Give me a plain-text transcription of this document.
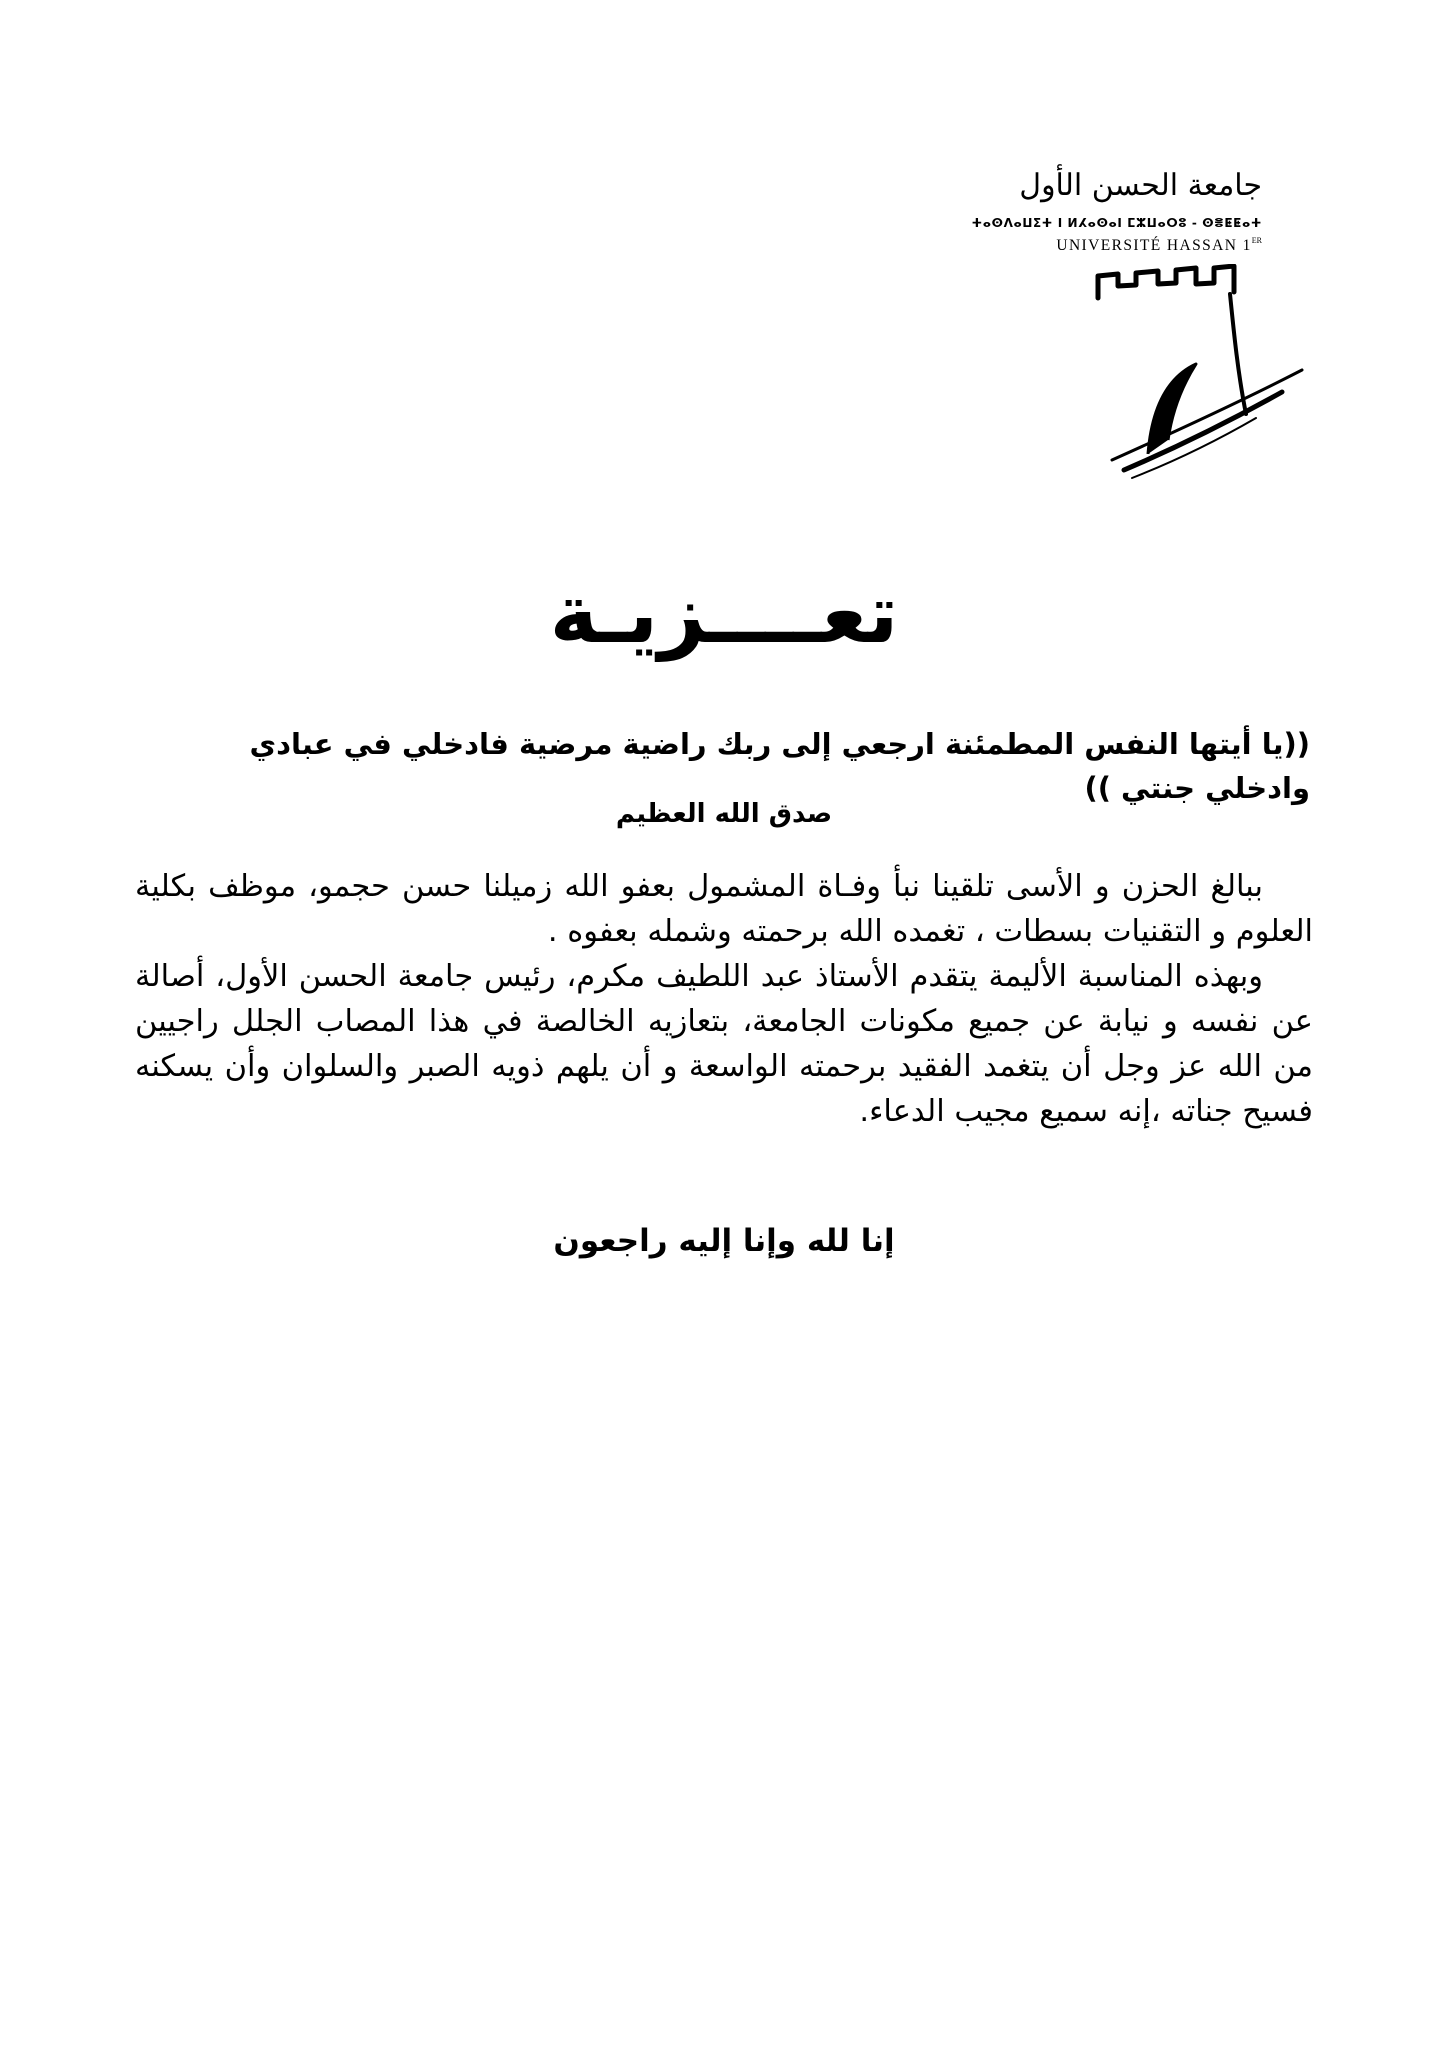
جامعة الحسن الأول
ⵜⴰⵙⴷⴰⵡⵉⵜ ⵏ ⵍⵃⴰⵙⴰⵏ ⵎⵣⵡⴰⵔⵓ - ⵙⴻⵟⵟⴰⵜ
UNIVERSITÉ HASSAN 1ER
تعــــزيـة
((يا أيتها النفس المطمئنة ارجعي إلى ربك راضية مرضية فادخلي في عبادي وادخلي جنتي ))
صدق الله العظيم

ببالغ الحزن و الأسى تلقينا نبأ وفـاة المشمول بعفو الله زميلنا حسن حجمو، موظف بكلية العلوم و التقنيات بسطات ، تغمده الله برحمته وشمله بعفوه .

وبهذه المناسبة الأليمة يتقدم الأستاذ عبد اللطيف مكرم، رئيس جامعة الحسن الأول، أصالة عن نفسه و نيابة عن جميع مكونات الجامعة، بتعازيه الخالصة في هذا المصاب الجلل راجيين من الله عز وجل أن يتغمد الفقيد برحمته الواسعة و أن يلهم ذويه الصبر والسلوان وأن يسكنه فسيح جناته ،إنه سميع مجيب الدعاء.

إنا لله وإنا إليه راجعون
